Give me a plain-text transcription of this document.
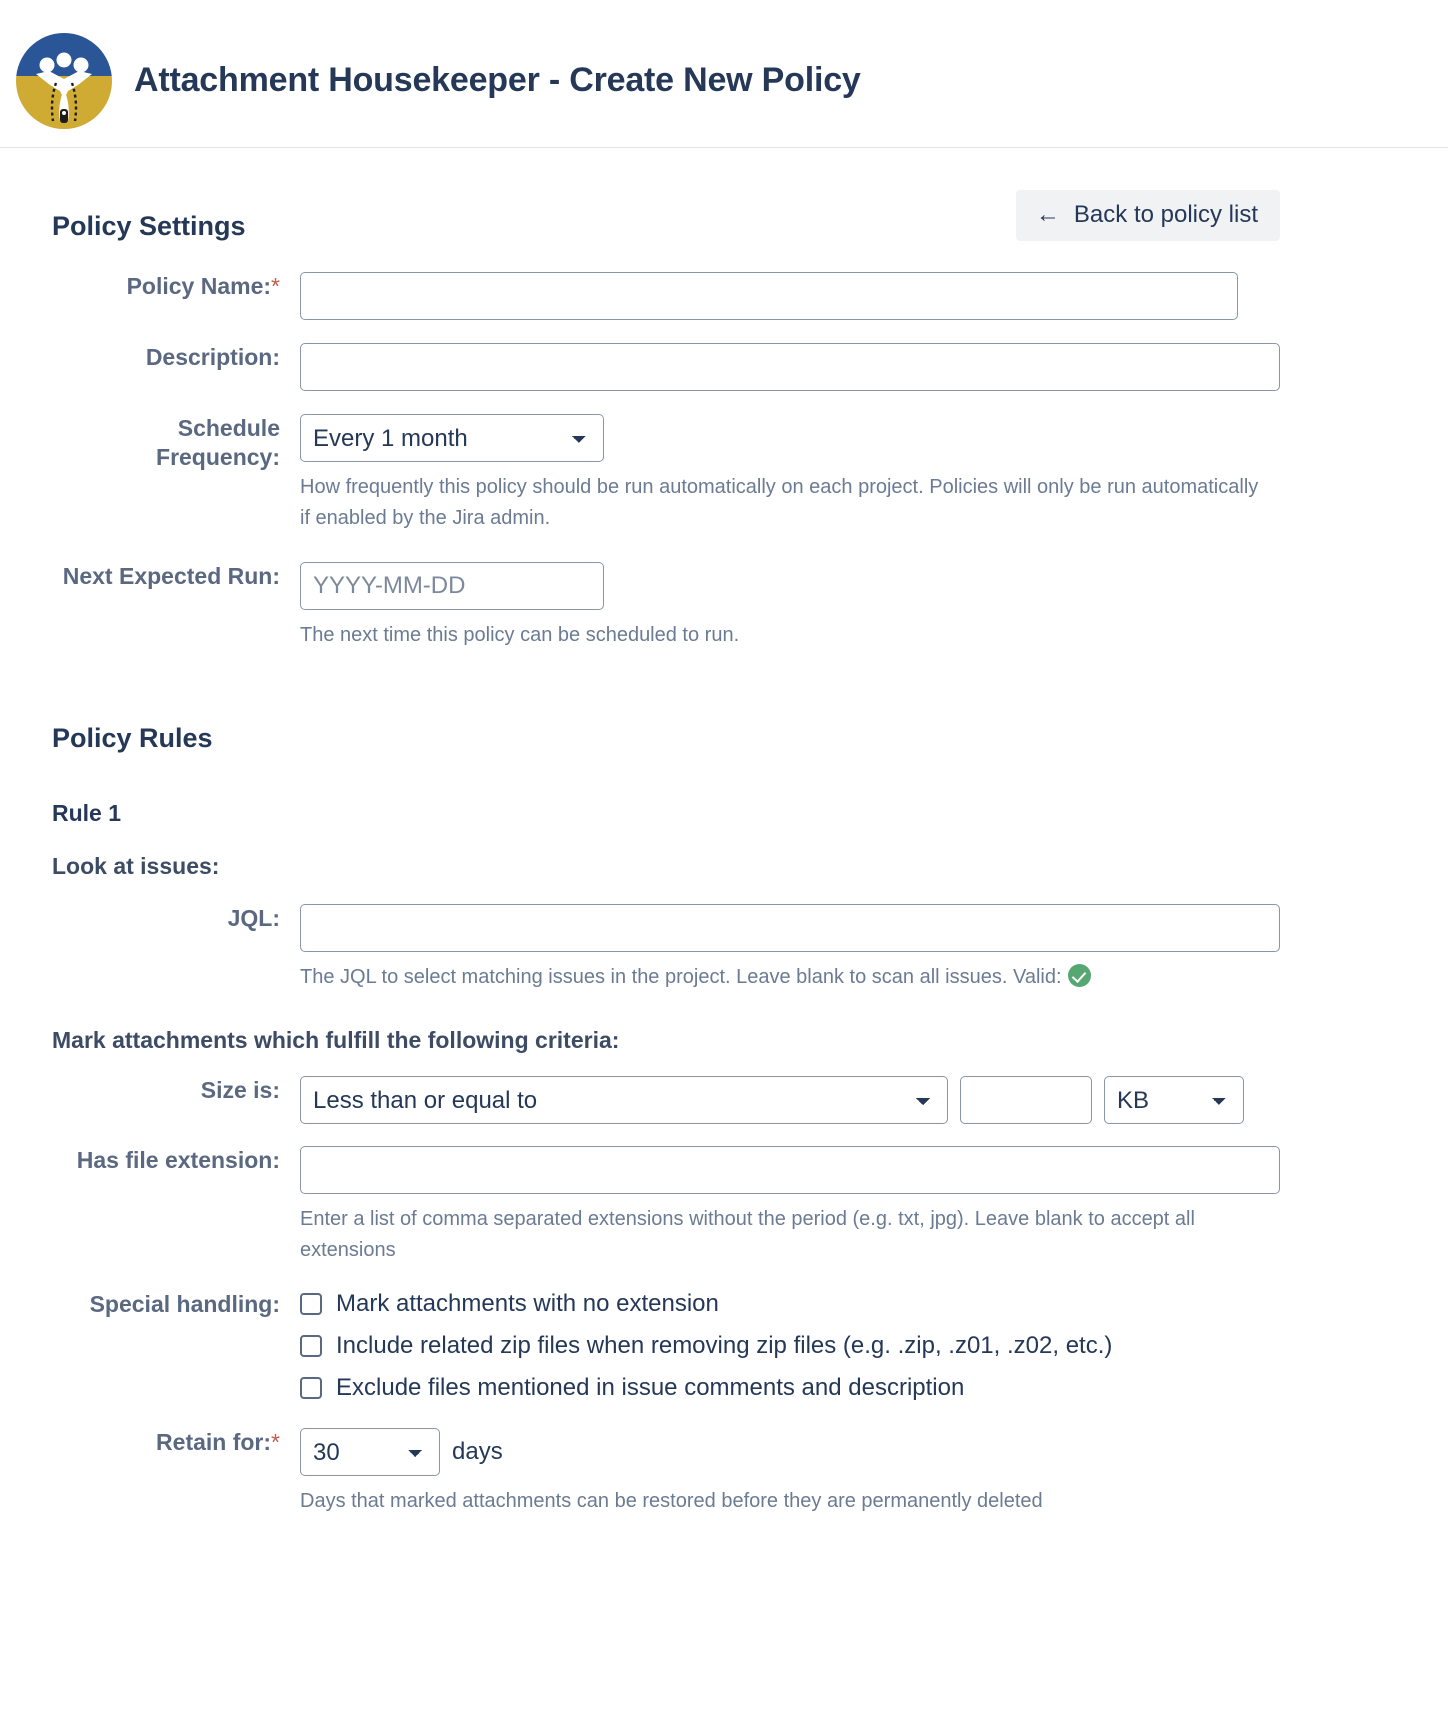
Attachment Housekeeper - Create New Policy
← Back to policy list
Policy Settings
Policy Name:*
Description:
Schedule Frequency:
Every 1 month
How frequently this policy should be run automatically on each project. Policies will only be run automatically if enabled by the Jira admin.
Next Expected Run:
YYYY-MM-DD
The next time this policy can be scheduled to run.
Policy Rules
Rule 1
Look at issues:
JQL:
The JQL to select matching issues in the project. Leave blank to scan all issues. Valid:
Mark attachments which fulfill the following criteria:
Size is:
Less than or equal to
KB
Has file extension:
Enter a list of comma separated extensions without the period (e.g. txt, jpg). Leave blank to accept all extensions
Special handling:	Mark attachments with no extension
Include related zip files when removing zip files (e.g. .zip, .z01, .z02, etc.)
Exclude files mentioned in issue comments and description
Retain for:*
30	days
Days that marked attachments can be restored before they are permanently deleted
